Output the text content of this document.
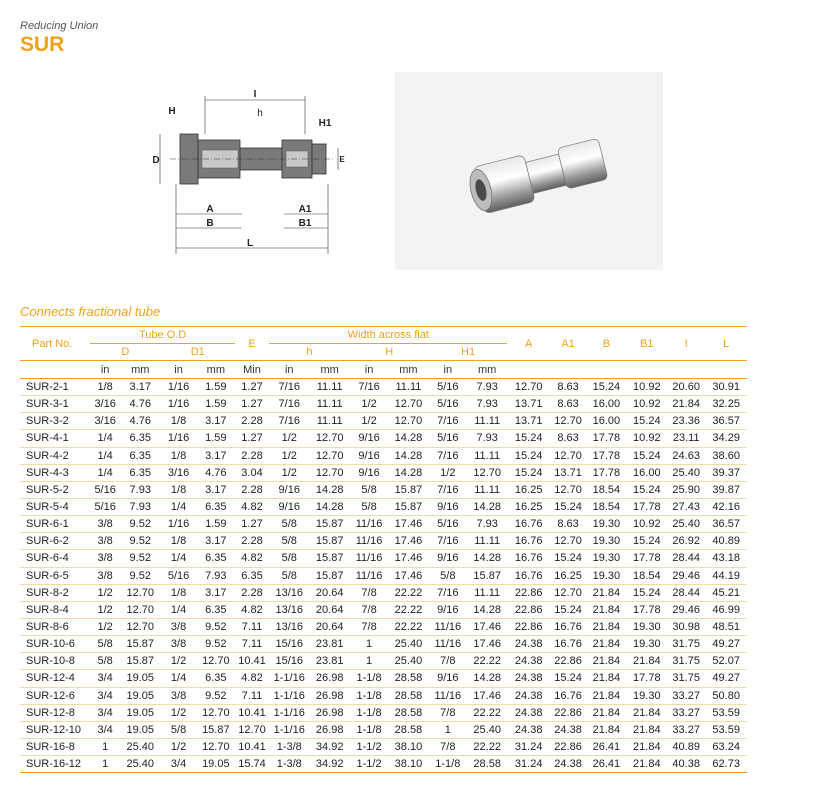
Reducing Union
SUR
H	h
I
H1
D	E
A	A1
B	B1
L
Connects fractional tube
Part No.	Tube O.D				E	Width across flat						A	A1	B	B1	I	L
	D		D1			h		H		H1							
	in	mm	in	mm	Min	in	mm	in	mm	in	mm						
SUR-2-1	1/8	3.17	1/16	1.59	1.27	7/16	11.11	7/16	11.11	5/16	7.93	12.70	8.63	15.24	10.92	20.60	30.91
SUR-3-1	3/16	4.76	1/16	1.59	1.27	7/16	11.11	1/2	12.70	5/16	7.93	13.71	8.63	16.00	10.92	21.84	32.25
SUR-3-2	3/16	4.76	1/8	3.17	2.28	7/16	11.11	1/2	12.70	7/16	11.11	13.71	12.70	16.00	15.24	23.36	36.57
SUR-4-1	1/4	6.35	1/16	1.59	1.27	1/2	12.70	9/16	14.28	5/16	7.93	15.24	8.63	17.78	10.92	23.11	34.29
SUR-4-2	1/4	6.35	1/8	3.17	2.28	1/2	12.70	9/16	14.28	7/16	11.11	15.24	12.70	17.78	15.24	24.63	38.60
SUR-4-3	1/4	6.35	3/16	4.76	3.04	1/2	12.70	9/16	14.28	1/2	12.70	15.24	13.71	17.78	16.00	25.40	39.37
SUR-5-2	5/16	7.93	1/8	3.17	2.28	9/16	14.28	5/8	15.87	7/16	11.11	16.25	12.70	18.54	15.24	25.90	39.87
SUR-5-4	5/16	7.93	1/4	6.35	4.82	9/16	14.28	5/8	15.87	9/16	14.28	16.25	15.24	18.54	17.78	27.43	42.16
SUR-6-1	3/8	9.52	1/16	1.59	1.27	5/8	15.87	11/16	17.46	5/16	7.93	16.76	8.63	19.30	10.92	25.40	36.57
SUR-6-2	3/8	9.52	1/8	3.17	2.28	5/8	15.87	11/16	17.46	7/16	11.11	16.76	12.70	19.30	15.24	26.92	40.89
SUR-6-4	3/8	9.52	1/4	6.35	4.82	5/8	15.87	11/16	17.46	9/16	14.28	16.76	15.24	19.30	17.78	28.44	43.18
SUR-6-5	3/8	9.52	5/16	7.93	6.35	5/8	15.87	11/16	17.46	5/8	15.87	16.76	16.25	19.30	18.54	29.46	44.19
SUR-8-2	1/2	12.70	1/8	3.17	2.28	13/16	20.64	7/8	22.22	7/16	11.11	22.86	12.70	21.84	15.24	28.44	45.21
SUR-8-4	1/2	12.70	1/4	6.35	4.82	13/16	20.64	7/8	22.22	9/16	14.28	22.86	15.24	21.84	17.78	29.46	46.99
SUR-8-6	1/2	12.70	3/8	9.52	7.11	13/16	20.64	7/8	22.22	11/16	17.46	22.86	16.76	21.84	19.30	30.98	48.51
SUR-10-6	5/8	15.87	3/8	9.52	7.11	15/16	23.81	1	25.40	11/16	17.46	24.38	16.76	21.84	19.30	31.75	49.27
SUR-10-8	5/8	15.87	1/2	12.70	10.41	15/16	23.81	1	25.40	7/8	22.22	24.38	22.86	21.84	21.84	31.75	52.07
SUR-12-4	3/4	19.05	1/4	6.35	4.82	1-1/16	26.98	1-1/8	28.58	9/16	14.28	24.38	15.24	21.84	17.78	31.75	49.27
SUR-12-6	3/4	19.05	3/8	9.52	7.11	1-1/16	26.98	1-1/8	28.58	11/16	17.46	24.38	16.76	21.84	19.30	33.27	50.80
SUR-12-8	3/4	19.05	1/2	12.70	10.41	1-1/16	26.98	1-1/8	28.58	7/8	22.22	24.38	22.86	21.84	21.84	33.27	53.59
SUR-12-10	3/4	19.05	5/8	15.87	12.70	1-1/16	26.98	1-1/8	28.58	1	25.40	24.38	24.38	21.84	21.84	33.27	53.59
SUR-16-8	1	25.40	1/2	12.70	10.41	1-3/8	34.92	1-1/2	38.10	7/8	22.22	31.24	22.86	26.41	21.84	40.89	63.24
SUR-16-12	1	25.40	3/4	19.05	15.74	1-3/8	34.92	1-1/2	38.10	1-1/8	28.58	31.24	24.38	26.41	21.84	40.38	62.73
